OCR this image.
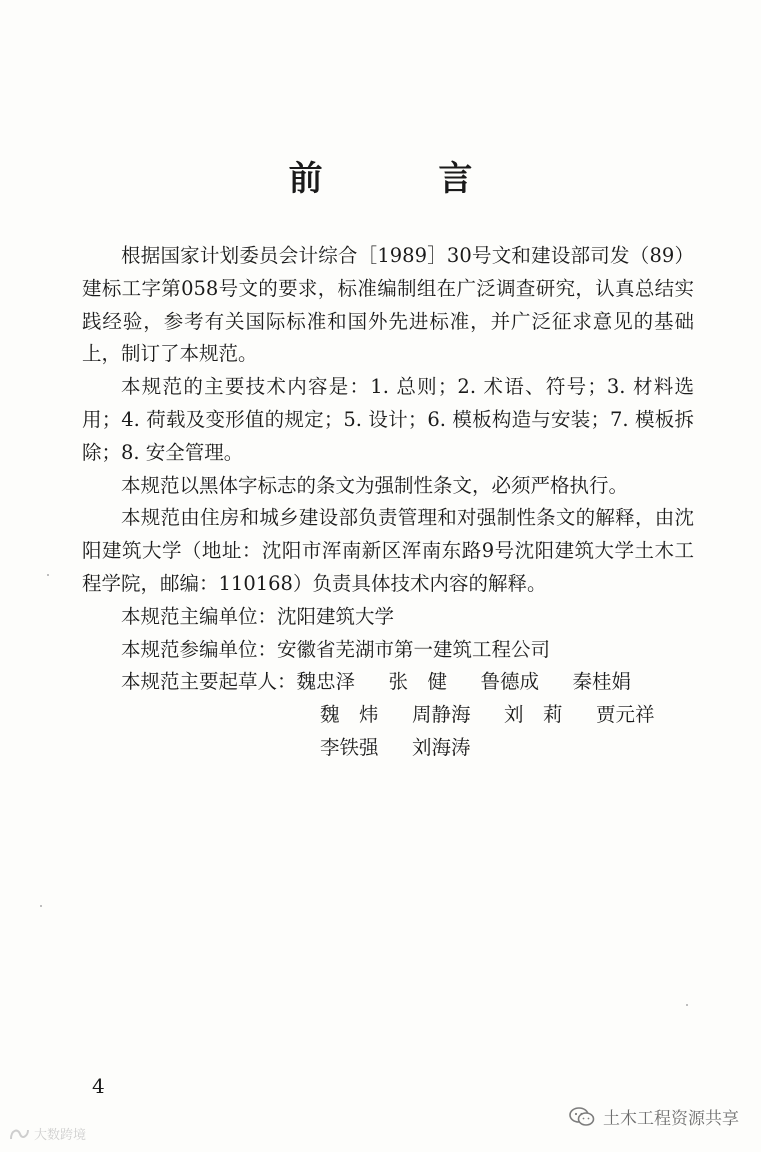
前 言

根据国家计划委员会计综合［1989］30号文和建设部司发（89）建标工字第058号文的要求，标准编制组在广泛调查研究，认真总结实践经验，参考有关国际标准和国外先进标准，并广泛征求意见的基础上，制订了本规范。

本规范的主要技术内容是：1. 总则；2. 术语、符号；3. 材料选用；4. 荷载及变形值的规定；5. 设计；6. 模板构造与安装；7. 模板拆除；8. 安全管理。

本规范以黑体字标志的条文为强制性条文，必须严格执行。

本规范由住房和城乡建设部负责管理和对强制性条文的解释，由沈阳建筑大学（地址：沈阳市浑南新区浑南东路9号沈阳建筑大学土木工程学院，邮编：110168）负责具体技术内容的解释。

本规范主编单位： 沈阳建筑大学
本规范参编单位： 安徽省芜湖市第一建筑工程公司
本规范主要起草人： 魏忠泽	张　健	鲁德成	秦桂娟
魏　炜	周静海	刘　莉	贾元祥
李铁强	刘海涛
4
土木工程资源共享
大数跨境
